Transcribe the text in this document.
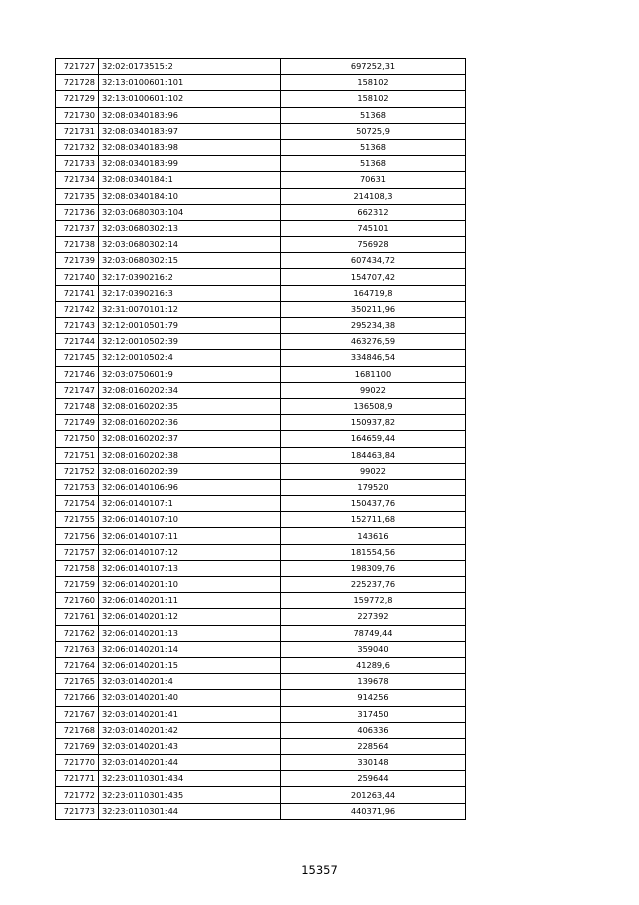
721727	32:02:0173515:2	697252,31
721728	32:13:0100601:101	158102
721729	32:13:0100601:102	158102
721730	32:08:0340183:96	51368
721731	32:08:0340183:97	50725,9
721732	32:08:0340183:98	51368
721733	32:08:0340183:99	51368
721734	32:08:0340184:1	70631
721735	32:08:0340184:10	214108,3
721736	32:03:0680303:104	662312
721737	32:03:0680302:13	745101
721738	32:03:0680302:14	756928
721739	32:03:0680302:15	607434,72
721740	32:17:0390216:2	154707,42
721741	32:17:0390216:3	164719,8
721742	32:31:0070101:12	350211,96
721743	32:12:0010501:79	295234,38
721744	32:12:0010502:39	463276,59
721745	32:12:0010502:4	334846,54
721746	32:03:0750601:9	1681100
721747	32:08:0160202:34	99022
721748	32:08:0160202:35	136508,9
721749	32:08:0160202:36	150937,82
721750	32:08:0160202:37	164659,44
721751	32:08:0160202:38	184463,84
721752	32:08:0160202:39	99022
721753	32:06:0140106:96	179520
721754	32:06:0140107:1	150437,76
721755	32:06:0140107:10	152711,68
721756	32:06:0140107:11	143616
721757	32:06:0140107:12	181554,56
721758	32:06:0140107:13	198309,76
721759	32:06:0140201:10	225237,76
721760	32:06:0140201:11	159772,8
721761	32:06:0140201:12	227392
721762	32:06:0140201:13	78749,44
721763	32:06:0140201:14	359040
721764	32:06:0140201:15	41289,6
721765	32:03:0140201:4	139678
721766	32:03:0140201:40	914256
721767	32:03:0140201:41	317450
721768	32:03:0140201:42	406336
721769	32:03:0140201:43	228564
721770	32:03:0140201:44	330148
721771	32:23:0110301:434	259644
721772	32:23:0110301:435	201263,44
721773	32:23:0110301:44	440371,96
15357
